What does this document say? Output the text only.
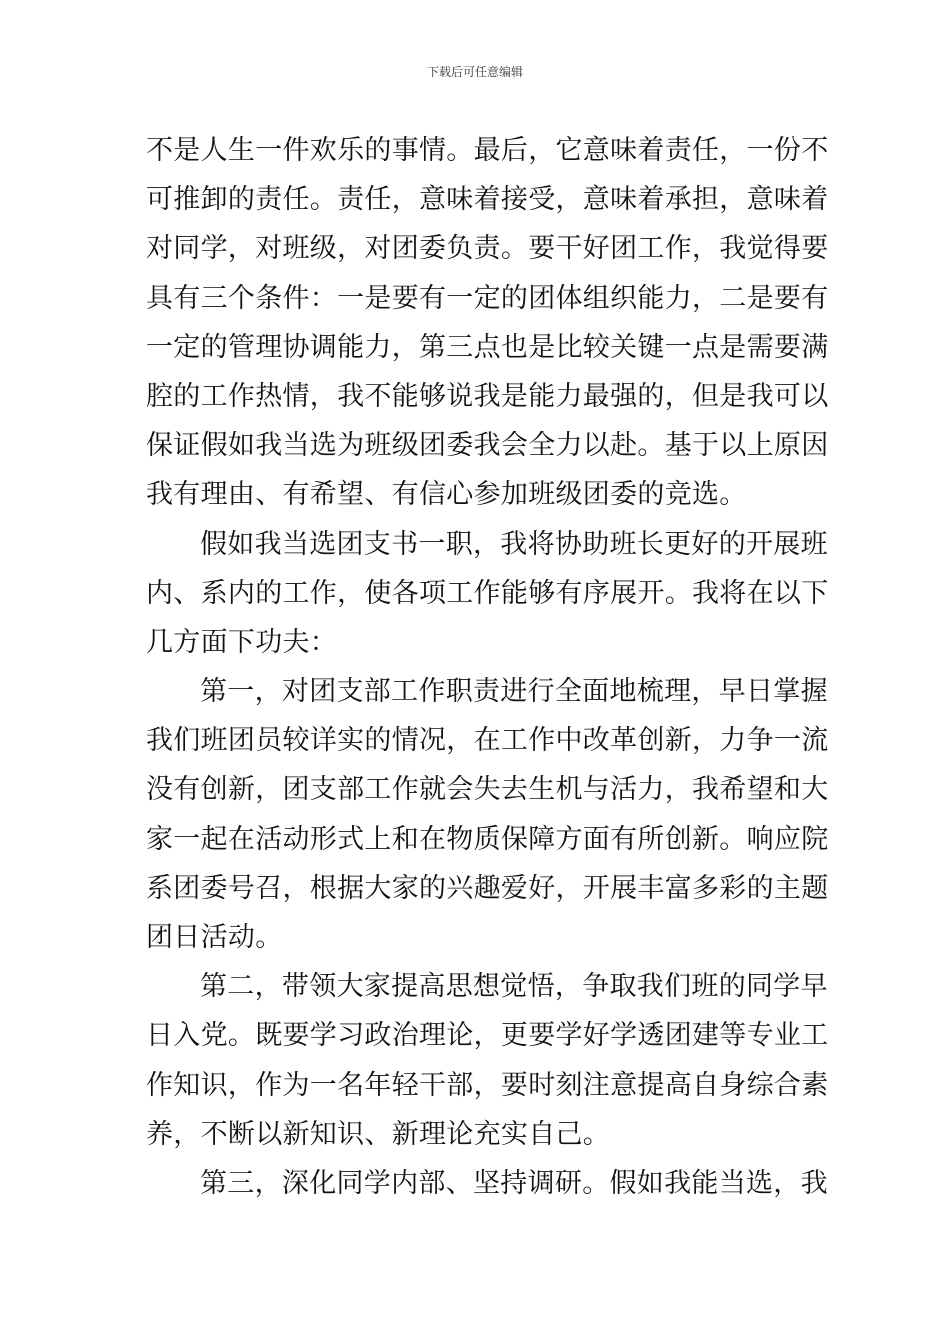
下载后可任意编辑
不是人生一件欢乐的事情。最后，它意味着责任，一份不
可推卸的责任。责任，意味着接受，意味着承担，意味着
对同学，对班级，对团委负责。要干好团工作，我觉得要
具有三个条件：一是要有一定的团体组织能力，二是要有
一定的管理协调能力，第三点也是比较关键一点是需要满
腔的工作热情，我不能够说我是能力最强的，但是我可以
保证假如我当选为班级团委我会全力以赴。基于以上原因
我有理由、有希望、有信心参加班级团委的竞选。
假如我当选团支书一职，我将协助班长更好的开展班
内、系内的工作，使各项工作能够有序展开。我将在以下
几方面下功夫：
第一，对团支部工作职责进行全面地梳理，早日掌握
我们班团员较详实的情况，在工作中改革创新，力争一流
没有创新，团支部工作就会失去生机与活力，我希望和大
家一起在活动形式上和在物质保障方面有所创新。响应院
系团委号召，根据大家的兴趣爱好，开展丰富多彩的主题
团日活动。
第二，带领大家提高思想觉悟，争取我们班的同学早
日入党。既要学习政治理论，更要学好学透团建等专业工
作知识，作为一名年轻干部，要时刻注意提高自身综合素
养，不断以新知识、新理论充实自己。
第三，深化同学内部、坚持调研。假如我能当选，我
